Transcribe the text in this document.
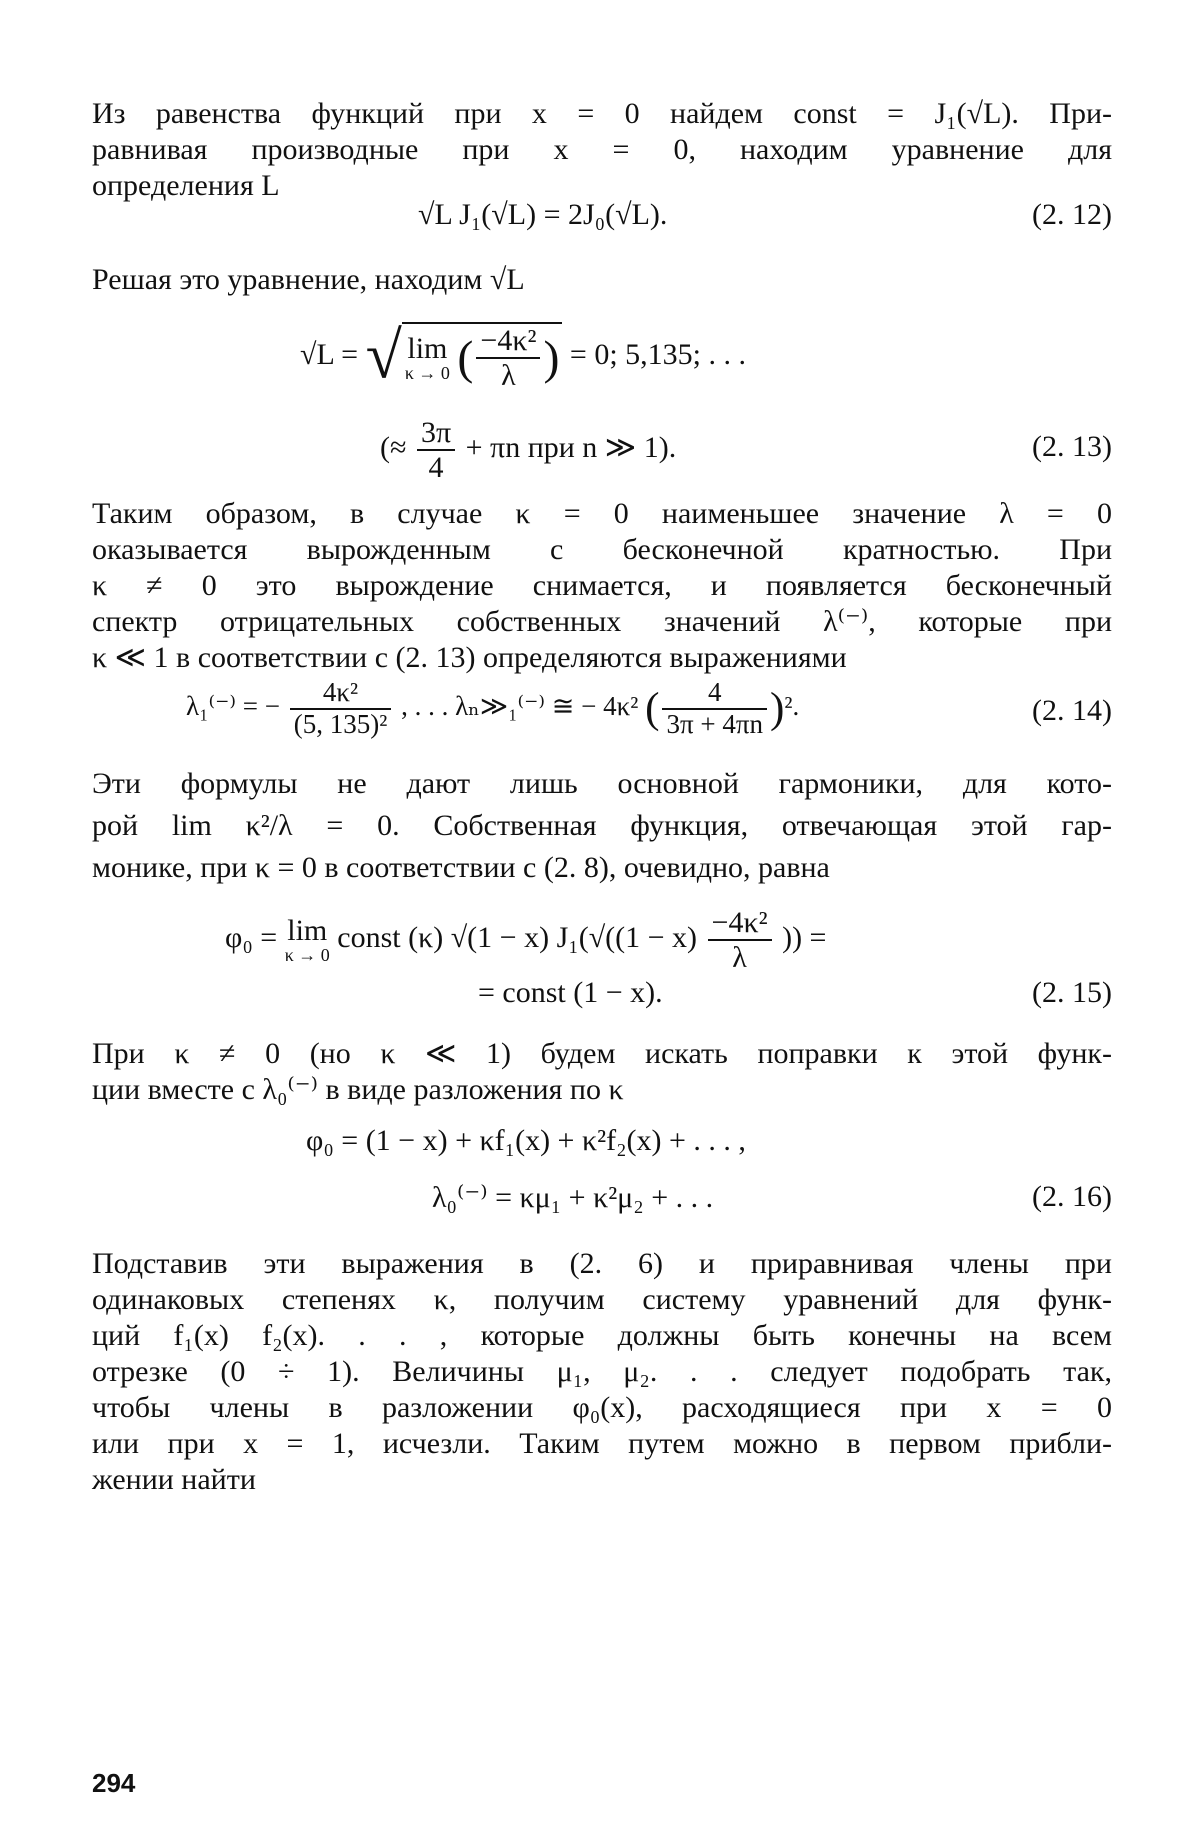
Из равенства функций при x = 0 найдем const = J₁(√L). При-
равнивая производные при x = 0, находим уравнение для
определения L
√L J₁(√L) = 2J₀(√L).	(2. 12)
Решая это уравнение, находим √L
√L = √ lim
κ → 0 ( $\frac{\text{−4κ²}}{\lambda}$ ) = 0; 5,135; . . .
(≈ $\frac{3\pi}{4} + \pi n$ при n ≫ 1).	(2. 13)
Таким образом, в случае κ = 0 наименьшее значение λ = 0
оказывается вырожденным с бесконечной кратностью. При
κ ≠ 0 это вырождение снимается, и появляется бесконечный
спектр отрицательных собственных значений λ⁽⁻⁾, которые при
κ ≪ 1 в соответствии с (2. 13) определяются выражениями
λ₁⁽⁻⁾ = − $\frac{\text{4κ²}}{\text{(5, 135)²}}$ , . . . λₙ≫₁⁽⁻⁾ ≅ − 4κ² ( $\frac{4}{3\pi + 4\pi n} )^2$.	(2. 14)
Эти формулы не дают лишь основной гармоники, для кото-
рой lim κ²/λ = 0. Собственная функция, отвечающая этой гар-
монике, при κ = 0 в соответствии с (2. 8), очевидно, равна
φ₀ = lim
κ → 0
const (κ) √(1 − x) $J_1(√((1 - x) \frac{\text{−4κ²}}{\lambda}$ )) =
= const (1 − x).	(2. 15)
При κ ≠ 0 (но κ ≪ 1) будем искать поправки к этой функ-
ции вместе с λ₀⁽⁻⁾ в виде разложения по κ
φ₀ = (1 − x) + κf₁(x) + κ²f₂(x) + . . . ,
λ₀⁽⁻⁾ = κμ₁ + κ²μ₂ + . . .	(2. 16)
Подставив эти выражения в (2. 6) и приравнивая члены при
одинаковых степенях κ, получим систему уравнений для функ-
ций f₁(x) f₂(x). . . , которые должны быть конечны на всем
отрезке (0 ÷ 1). Величины μ₁, μ₂. . . следует подобрать так,
чтобы члены в разложении φ₀(x), расходящиеся при x = 0
или при x = 1, исчезли. Таким путем можно в первом прибли-
жении найти
294
